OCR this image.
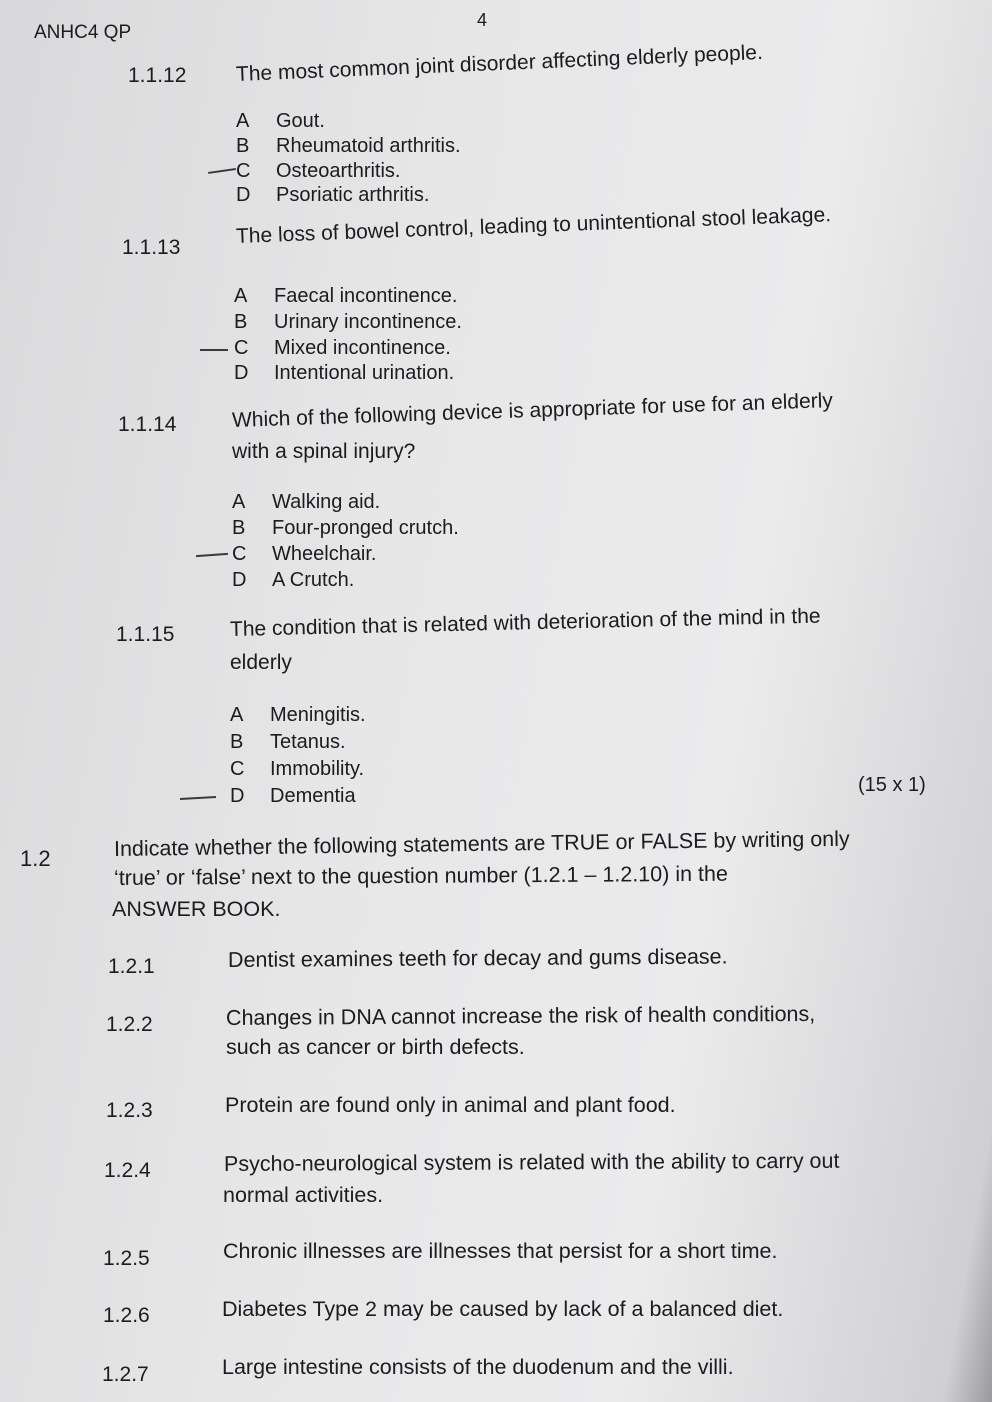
ANHC4 QP
4
1.1.12 The most common joint disorder affecting elderly people.
A Gout.
B Rheumatoid arthritis.
C Osteoarthritis.
D Psoriatic arthritis.
1.1.13	The loss of bowel control, leading to unintentional stool leakage.
A Faecal incontinence.
B Urinary incontinence.
C Mixed incontinence.
D Intentional urination.
1.1.14	Which of the following device is appropriate for use for an elderly
with a spinal injury?
A Walking aid.
B Four-pronged crutch.
C Wheelchair.
D A Crutch.
1.1.15	The condition that is related with deterioration of the mind in the
elderly
A Meningitis.
B Tetanus.
C Immobility.
D Dementia	(15 x 1)
1.2	Indicate whether the following statements are TRUE or FALSE by writing only
‘true’ or ‘false’ next to the question number (1.2.1 – 1.2.10) in the
ANSWER BOOK.
1.2.1	Dentist examines teeth for decay and gums disease.
1.2.2	Changes in DNA cannot increase the risk of health conditions,
such as cancer or birth defects.
1.2.3	Protein are found only in animal and plant food.
1.2.4	Psycho-neurological system is related with the ability to carry out
normal activities.
1.2.5	Chronic illnesses are illnesses that persist for a short time.
1.2.6	Diabetes Type 2 may be caused by lack of a balanced diet.
1.2.7	Large intestine consists of the duodenum and the villi.
